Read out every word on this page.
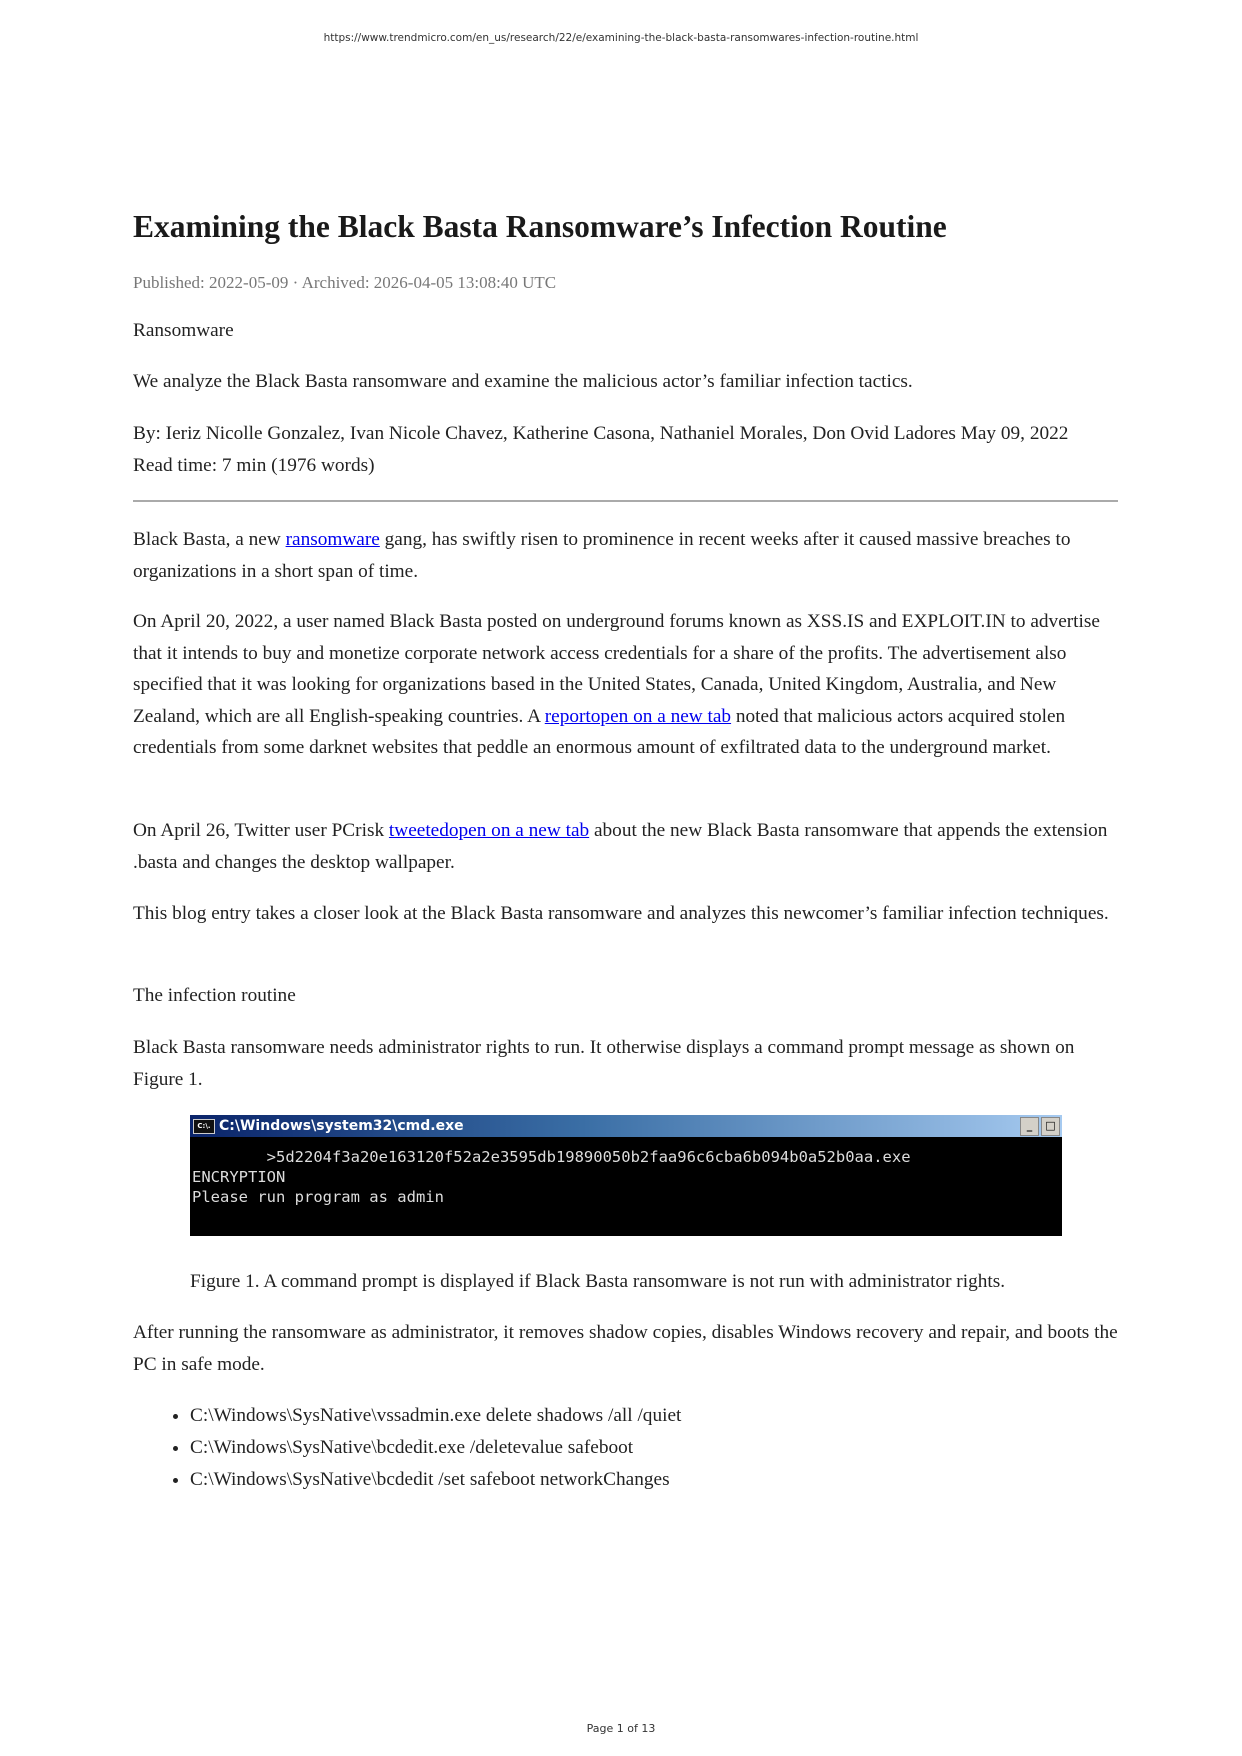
https://www.trendmicro.com/en_us/research/22/e/examining-the-black-basta-ransomwares-infection-routine.html
Examining the Black Basta Ransomware’s Infection Routine

Published: 2022-05-09 · Archived: 2026-04-05 13:08:40 UTC

Ransomware

We analyze the Black Basta ransomware and examine the malicious actor’s familiar infection tactics.

By: Ieriz Nicolle Gonzalez, Ivan Nicole Chavez, Katherine Casona, Nathaniel Morales, Don Ovid Ladores May 09, 2022
Read time: 7 min (1976 words)

Black Basta, a new ransomware gang, has swiftly risen to prominence in recent weeks after it caused massive breaches to organizations in a short span of time.

On April 20, 2022, a user named Black Basta posted on underground forums known as XSS.IS and EXPLOIT.IN to advertise that it intends to buy and monetize corporate network access credentials for a share of the profits. The advertisement also specified that it was looking for organizations based in the United States, Canada, United Kingdom, Australia, and New Zealand, which are all English-speaking countries. A reportopen on a new tab noted that malicious actors acquired stolen credentials from some darknet websites that peddle an enormous amount of exfiltrated data to the underground market.

On April 26, Twitter user PCrisk tweetedopen on a new tab about the new Black Basta ransomware that appends the extension .basta and changes the desktop wallpaper.

This blog entry takes a closer look at the Black Basta ransomware and analyzes this newcomer’s familiar infection techniques.

The infection routine

Black Basta ransomware needs administrator rights to run. It otherwise displays a command prompt message as shown on Figure 1.

C:\. C:\Windows\system32\cmd.exe	_	□
>5d2204f3a20e163120f52a2e3595db19890050b2faa96c6cba6b094b0a52b0aa.exe
ENCRYPTION
Please run program as admin

Figure 1. A command prompt is displayed if Black Basta ransomware is not run with administrator rights.

After running the ransomware as administrator, it removes shadow copies, disables Windows recovery and repair, and boots the PC in safe mode.

• C:\Windows\SysNative\vssadmin.exe delete shadows /all /quiet
• C:\Windows\SysNative\bcdedit.exe /deletevalue safeboot
• C:\Windows\SysNative\bcdedit /set safeboot networkChanges
Page 1 of 13
